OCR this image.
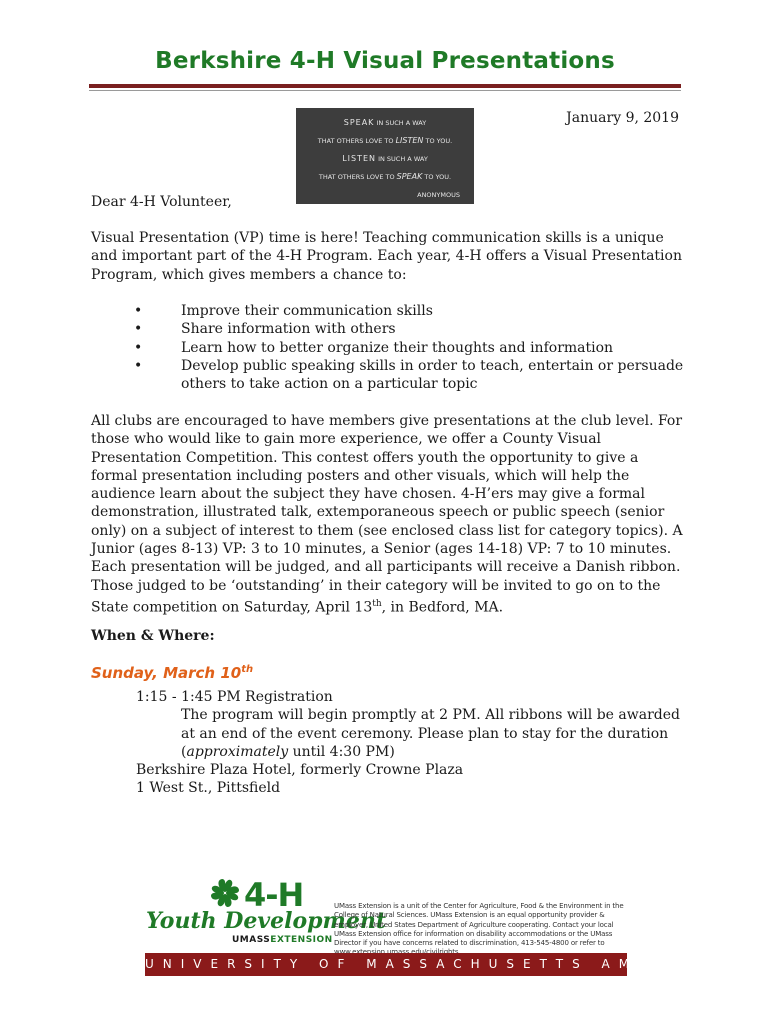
Berkshire 4-H Visual Presentations
SPEAK IN SUCH A WAY
THAT OTHERS LOVE TO LISTEN TO YOU.
LISTEN IN SUCH A WAY
THAT OTHERS LOVE TO SPEAK TO YOU.
ANONYMOUS
January 9, 2019
Dear 4-H Volunteer,
Visual Presentation (VP) time is here! Teaching communication skills is a unique and important part of the 4-H Program. Each year, 4-H offers a Visual Presentation Program, which gives members a chance to:
•	Improve their communication skills
•	Share information with others
•	Learn how to better organize their thoughts and information
•	Develop public speaking skills in order to teach, entertain or persuade others to take action on a particular topic
All clubs are encouraged to have members give presentations at the club level. For those who would like to gain more experience, we offer a County Visual Presentation Competition. This contest offers youth the opportunity to give a formal presentation including posters and other visuals, which will help the audience learn about the subject they have chosen. 4-H’ers may give a formal demonstration, illustrated talk, extemporaneous speech or public speech (senior only) on a subject of interest to them (see enclosed class list for category topics). A Junior (ages 8-13) VP: 3 to 10 minutes, a Senior (ages 14-18) VP: 7 to 10 minutes. Each presentation will be judged, and all participants will receive a Danish ribbon. Those judged to be ‘outstanding’ in their category will be invited to go on to the State competition on Saturday, April 13th, in Bedford, MA.
When & Where:
Sunday, March 10th
1:15 - 1:45 PM Registration
The program will begin promptly at 2 PM. All ribbons will be awarded at an end of the event ceremony. Please plan to stay for the duration (approximately until 4:30 PM)
Berkshire Plaza Hotel, formerly Crowne Plaza
1 West St., Pittsfield
4-H
Youth Development
UMASSEXTENSION
UMass Extension is a unit of the Center for Agriculture, Food & the Environment in the College of Natural Sciences. UMass Extension is an equal opportunity provider & employer, United States Department of Agriculture cooperating. Contact your local UMass Extension office for information on disability accommodations or the UMass Director if you have concerns related to discrimination, 413-545-4800 or refer to
UNIVERSITY OF MASSACHUSETTS AMHERST
